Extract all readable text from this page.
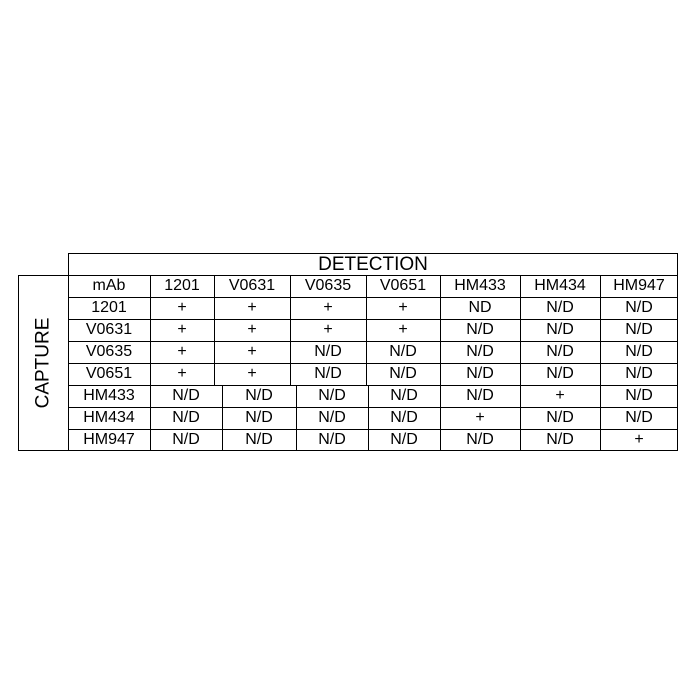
DETECTION
CAPTURE
mAb	1201	V0631	V0635	V0651	HM433	HM434	HM947
1201	+	+	+	+	ND	N/D	N/D
V0631	+	+	+	+	N/D	N/D	N/D
V0635	+	+	N/D	N/D	N/D	N/D	N/D
V0651	+	+	N/D	N/D	N/D	N/D	N/D
HM433	N/D	N/D	N/D	N/D	N/D	+	N/D
HM434	N/D	N/D	N/D	N/D	+	N/D	N/D
HM947	N/D	N/D	N/D	N/D	N/D	N/D	+
